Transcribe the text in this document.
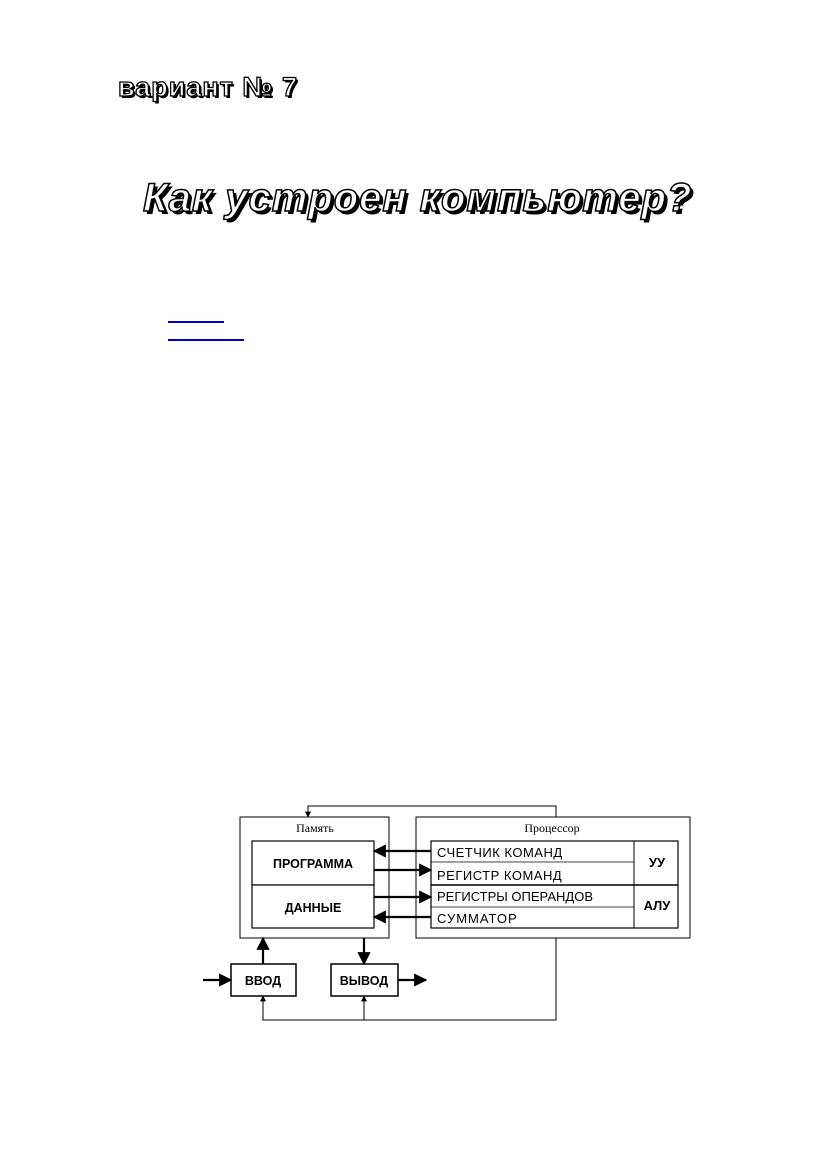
вариант № 7
Как устроен компьютер?
Память
ПРОГРАММА
ДАННЫЕ
Процессор
СЧЕТЧИК КОМАНД
РЕГИСТР КОМАНД
РЕГИСТРЫ ОПЕРАНДОВ
СУММАТОР
УУ
АЛУ
ВВОД	ВЫВОД
